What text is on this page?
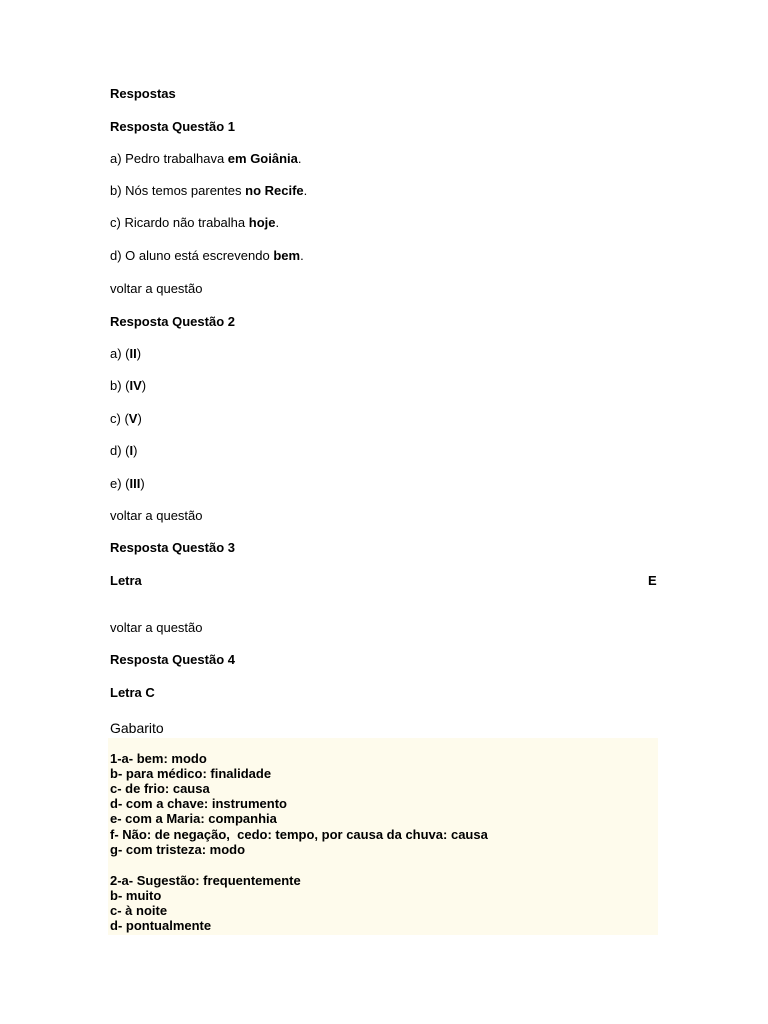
Respostas
Resposta Questão 1
a) Pedro trabalhava em Goiânia.
b) Nós temos parentes no Recife.
c) Ricardo não trabalha hoje.
d) O aluno está escrevendo bem.
voltar a questão
Resposta Questão 2
a) (II)
b) (IV)
c) (V)
d) (I)
e) (III)
voltar a questão
Resposta Questão 3
Letra	E
voltar a questão
Resposta Questão 4
Letra C
Gabarito
1-a- bem: modo
b- para médico: finalidade
c- de frio: causa
d- com a chave: instrumento
e- com a Maria: companhia
f- Não: de negação,  cedo: tempo, por causa da chuva: causa
g- com tristeza: modo
2-a- Sugestão: frequentemente
b- muito
c- à noite
d- pontualmente
